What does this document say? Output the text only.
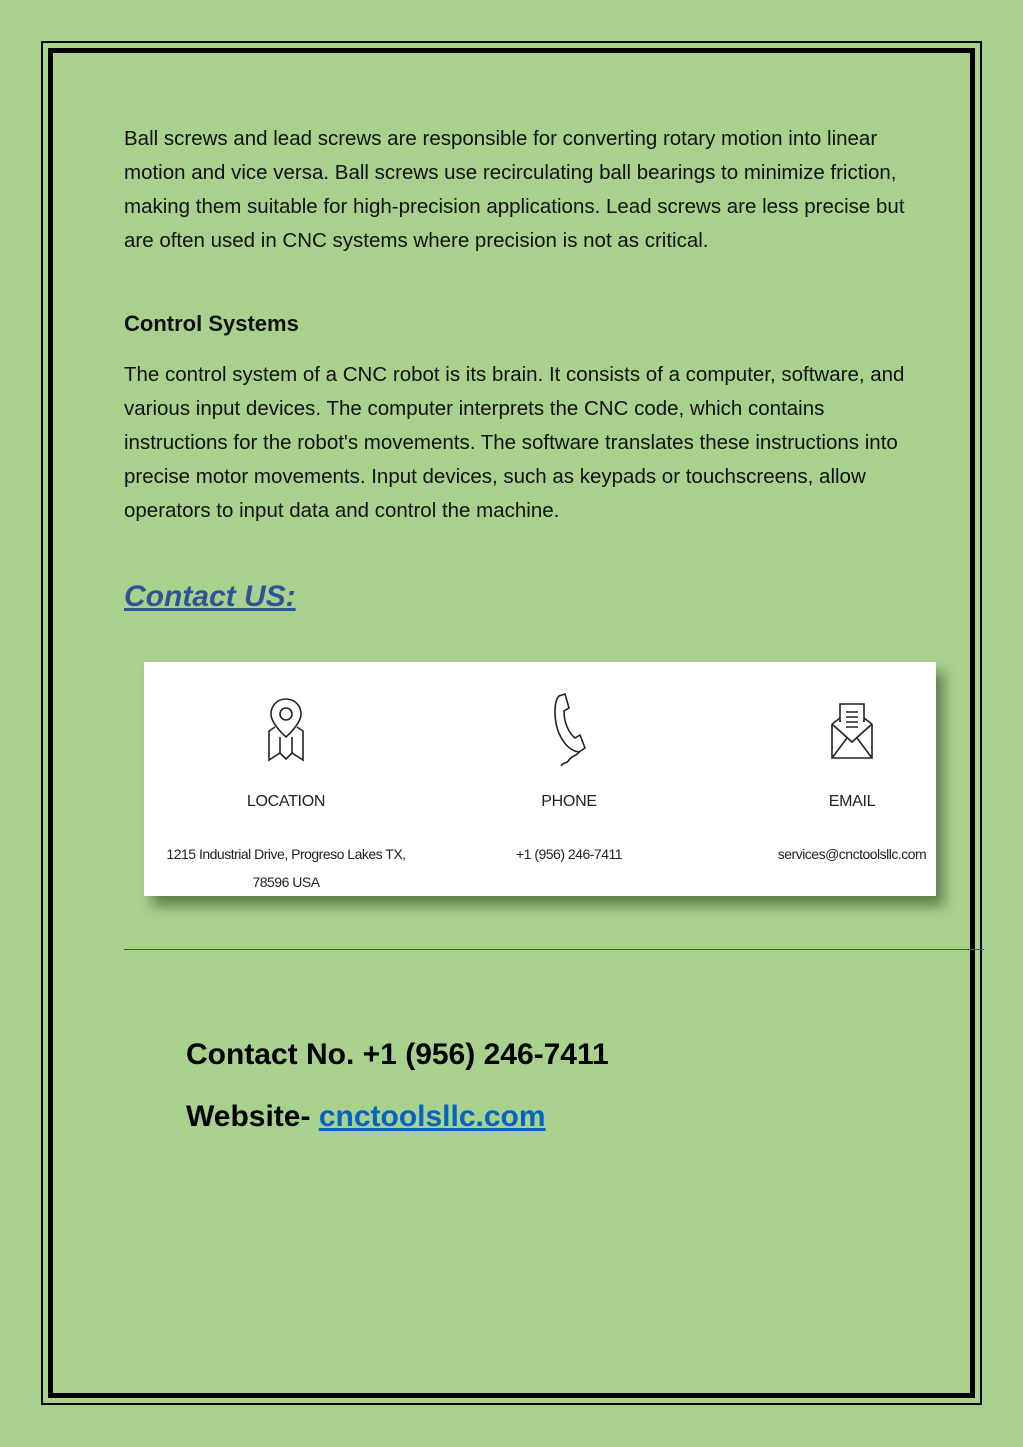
Ball screws and lead screws are responsible for converting rotary motion into linear motion and vice versa. Ball screws use recirculating ball bearings to minimize friction, making them suitable for high-precision applications. Lead screws are less precise but are often used in CNC systems where precision is not as critical.

Control Systems

The control system of a CNC robot is its brain. It consists of a computer, software, and various input devices. The computer interprets the CNC code, which contains instructions for the robot's movements. The software translates these instructions into precise motor movements. Input devices, such as keypads or touchscreens, allow operators to input data and control the machine.

Contact US:
LOCATION
1215 Industrial Drive, Progreso Lakes TX,
78596 USA
PHONE
+1 (956) 246-7411
EMAIL
services@cnctoolsllc.com

Contact No. +1 (956) 246-7411

Website- cnctoolsllc.com
